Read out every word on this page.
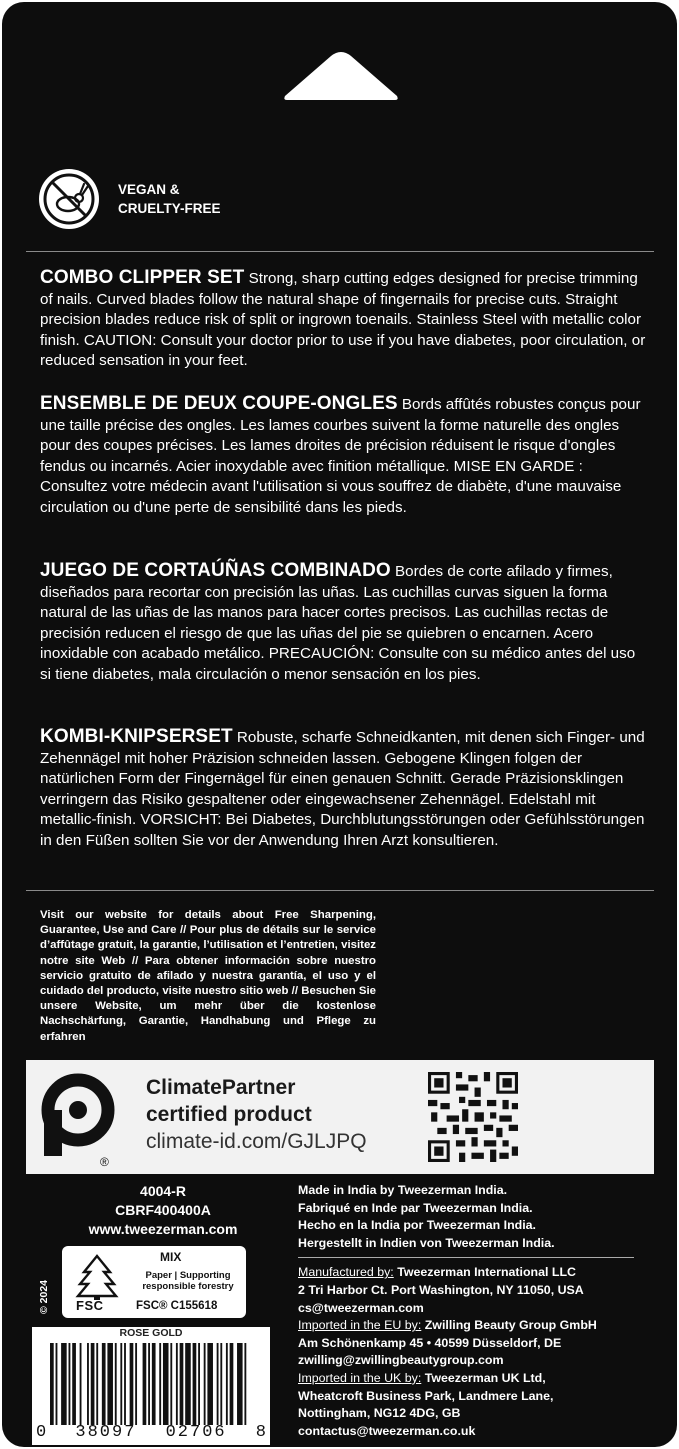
VEGAN &
CRUELTY-FREE
COMBO CLIPPER SET Strong, sharp cutting edges designed for precise trimming of nails. Curved blades follow the natural shape of fingernails for precise cuts. Straight precision blades reduce risk of split or ingrown toenails. Stainless Steel with metallic color finish. CAUTION: Consult your doctor prior to use if you have diabetes, poor circulation, or reduced sensation in your feet.
ENSEMBLE DE DEUX COUPE-ONGLES Bords affûtés robustes conçus pour une taille précise des ongles. Les lames courbes suivent la forme naturelle des ongles pour des coupes précises. Les lames droites de précision réduisent le risque d'ongles fendus ou incarnés. Acier inoxydable avec finition métallique. MISE EN GARDE : Consultez votre médecin avant l'utilisation si vous souffrez de diabète, d'une mauvaise circulation ou d'une perte de sensibilité dans les pieds.
JUEGO DE CORTAÚÑAS COMBINADO Bordes de corte afilado y firmes, diseñados para recortar con precisión las uñas. Las cuchillas curvas siguen la forma natural de las uñas de las manos para hacer cortes precisos. Las cuchillas rectas de precisión reducen el riesgo de que las uñas del pie se quiebren o encarnen. Acero inoxidable con acabado metálico. PRECAUCIÓN: Consulte con su médico antes del uso si tiene diabetes, mala circulación o menor sensación en los pies.
KOMBI-KNIPSERSET Robuste, scharfe Schneidkanten, mit denen sich Finger- und Zehennägel mit hoher Präzision schneiden lassen. Gebogene Klingen folgen der natürlichen Form der Fingernägel für einen genauen Schnitt. Gerade Präzisionsklingen verringern das Risiko gespaltener oder eingewachsener Zehennägel. Edelstahl mit metallic-finish. VORSICHT: Bei Diabetes, Durchblutungsstörungen oder Gefühlsstörungen in den Füßen sollten Sie vor der Anwendung Ihren Arzt konsultieren.
Visit our website for details about Free Sharpening, Guarantee, Use and Care // Pour plus de détails sur le service d’affûtage gratuit, la garantie, l’utilisation et l’entretien, visitez notre site Web // Para obtener información sobre nuestro servicio gratuito de afilado y nuestra garantía, el uso y el cuidado del producto, visite nuestro sitio web // Besuchen Sie unsere Website, um mehr über die kostenlose Nachschärfung, Garantie, Handhabung und Pflege zu erfahren
®
ClimatePartner
certified product
climate-id.com/GJLJPQ
4004-R
CBRF400400A
www.tweezerman.com
© 2024 FSC
MIX
Paper | Supporting
responsible forestry
FSC® C155618
ROSE GOLD
0 38097 02706 8
Made in India by Tweezerman India.
Fabriqué en Inde par Tweezerman India.
Hecho en la India por Tweezerman India.
Hergestellt in Indien von Tweezerman India.
Manufactured by: Tweezerman International LLC
2 Tri Harbor Ct. Port Washington, NY 11050, USA
cs@tweezerman.com
Imported in the EU by: Zwilling Beauty Group GmbH
Am Schönenkamp 45 • 40599 Düsseldorf, DE
zwilling@zwillingbeautygroup.com
Imported in the UK by: Tweezerman UK Ltd,
Wheatcroft Business Park, Landmere Lane,
Nottingham, NG12 4DG, GB
contactus@tweezerman.co.uk
